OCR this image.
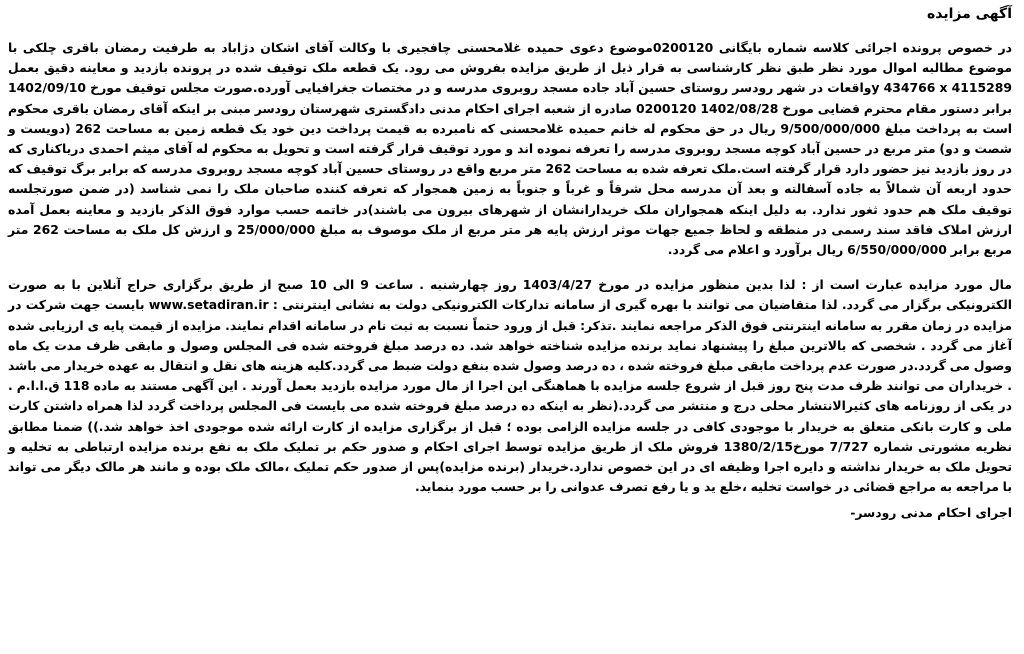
آگهی مزایده

در خصوص پرونده اجرائی کلاسه شماره بایگانی 0200120موضوع دعوی حمیده غلامحسنی چافجیری با وکالت آقای اشکان دژاباد به طرفیت رمضان باقری چلکی با موضوع مطالبه اموال مورد نظر طبق نظر کارشناسی به قرار ذیل از طریق مزایده بفروش می رود. یک قطعه ملک توقیف شده در پرونده بازدید و معاینه دقیق بعمل 4115289 y 434766 xواقعات در شهر رودسر روستای حسین آباد جاده مسجد روبروی مدرسه و در مختصات جغرافیایی آورده.صورت مجلس توقیف مورخ 1402/09/10 برابر دستور مقام محترم قضایی مورخ 1402/08/28 0200120 صادره از شعبه اجرای احکام مدنی دادگستری شهرستان رودسر مبنی بر اینکه آقای رمضان باقری محکوم است به پرداخت مبلغ 9/500/000/000 ریال در حق محکوم له خانم حمیده غلامحسنی که نامبرده به قیمت پرداخت دین خود یک قطعه زمین به مساحت 262 (دویست و شصت و دو) متر مربع در حسین آباد کوچه مسجد روبروی مدرسه را تعرفه نموده اند و مورد توقیف قرار گرفته است و تحویل به محکوم له آقای میثم احمدی دریاکناری که در روز بازدید نیز حضور دارد قرار گرفته است.ملک تعرفه شده به مساحت 262 متر مربع واقع در روستای حسین آباد کوچه مسجد روبروی مدرسه که برابر برگ توقیف که حدود اربعه آن شمالاً به جاده آسفالته و بعد آن مدرسه محل شرقاً و غرباً و جنوباً به زمین همجوار که تعرفه کننده صاحبان ملک را نمی شناسد (در ضمن صورتجلسه توقیف ملک هم حدود ثغور ندارد. به دلیل اینکه همجواران ملک خریدارانشان از شهرهای بیرون می باشند)در خاتمه حسب موارد فوق الذکر بازدید و معاینه بعمل آمده ارزش املاک فاقد سند رسمی در منطقه و لحاظ جمیع جهات موثر ارزش پایه هر متر مربع از ملک موصوف به مبلغ 25/000/000 و ارزش کل ملک به مساحت 262 متر مربع برابر 6/550/000/000 ریال برآورد و اعلام می گردد.

مال مورد مزایده عبارت است از : لذا بدین منظور مزایده در مورخ 1403/4/27 روز چهارشنبه . ساعت 9 الی 10 صبح از طریق برگزاری حراج آنلاین با به صورت الکترونیکی برگزار می گردد. لذا متقاضیان می توانند با بهره گیری از سامانه تدارکات الکترونیکی دولت به نشانی اینترنتی : www.setadiran.ir بایست جهت شرکت در مزایده در زمان مقرر به سامانه اینترنتی فوق الذکر مراجعه نمایند .تذکر: قبل از ورود حتماً نسبت به ثبت نام در سامانه اقدام نمایند. مزایده از قیمت پایه ی ارزیابی شده آغاز می گردد . شخصی که بالاترین مبلغ را پیشنهاد نماید برنده مزایده شناخته خواهد شد. ده درصد مبلغ فروخته شده فی المجلس وصول و مابقی ظرف مدت یک ماه وصول می گردد.در صورت عدم پرداخت مابقی مبلغ فروخته شده ، ده درصد وصول شده بنفع دولت ضبط می گردد.کلیه هزینه های نقل و انتقال به عهده خریدار می باشد . خریداران می توانند ظرف مدت پنج روز قبل از شروع جلسه مزایده با هماهنگی این اجرا از مال مورد مزایده بازدید بعمل آورند . این آگهی مستند به ماده 118 ق.ا.ا.م . در یکی از روزنامه های کثیرالانتشار محلی درج و منتشر می گردد.(نظر به اینکه ده درصد مبلغ فروخته شده می بایست فی المجلس پرداخت گردد لذا همراه داشتن کارت ملی و کارت بانکی متعلق به خریدار با موجودی کافی در جلسه مزایده الزامی بوده ؛ قبل از برگزاری مزایده از کارت ارائه شده موجودی اخذ خواهد شد.)) ضمنا مطابق نظریه مشورتی شماره 7/727 مورخ1380/2/15 فروش ملک از طریق مزایده توسط اجرای احکام و صدور حکم بر تملیک ملک به نفع برنده مزایده ارتباطی به تخلیه و تحویل ملک به خریدار نداشته و دایره اجرا وظیفه ای در این خصوص ندارد.خریدار (برنده مزایده)پس از صدور حکم تملیک ،مالک ملک بوده و مانند هر مالک دیگر می تواند با مراجعه به مراجع قضائی در خواست تخلیه ،خلع ید و یا رفع تصرف عدوانی را بر حسب مورد بنماید.

اجرای احکام مدنی رودسر-
